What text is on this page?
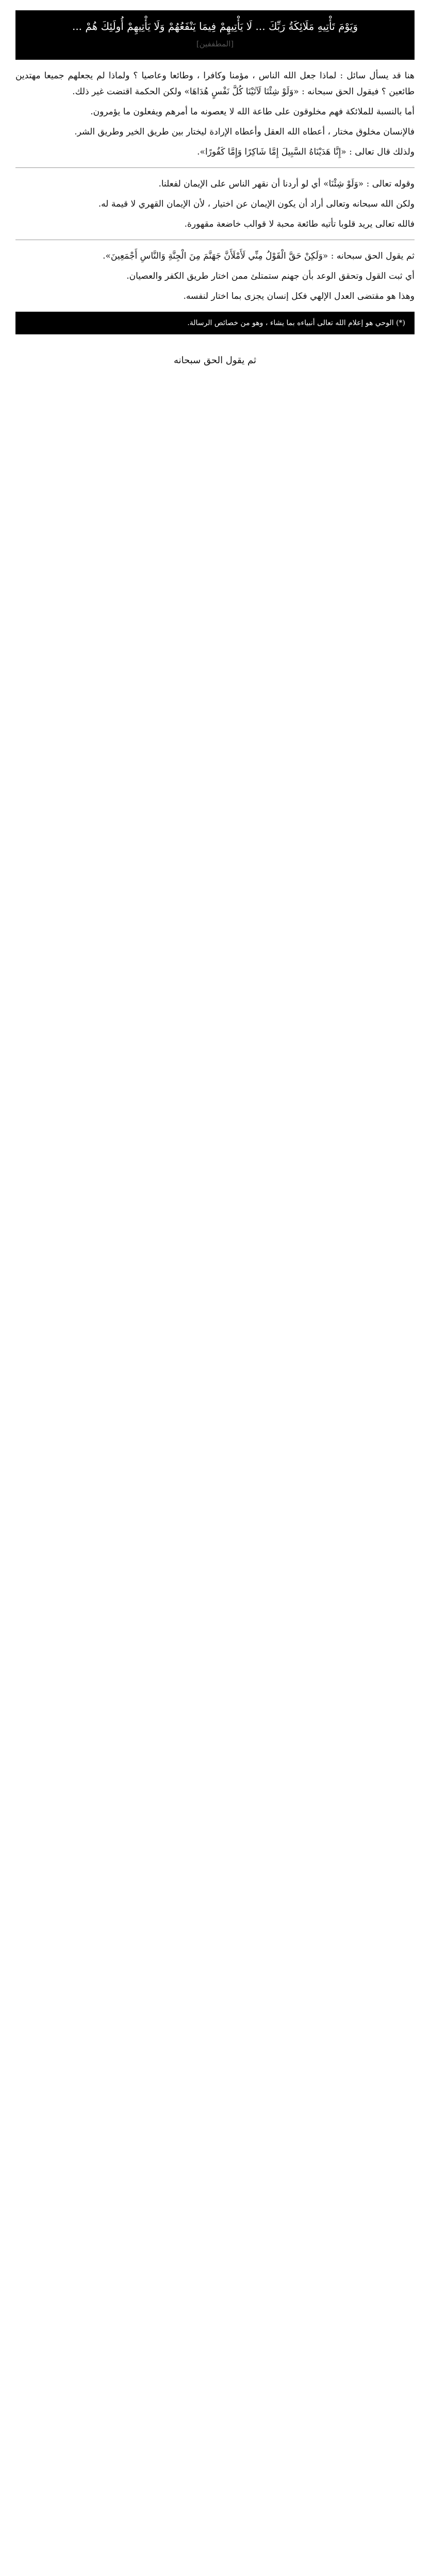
وَيَوْمَ تَأْتِيهِ مَلَائِكَةُ رَبِّكَ ... لَا يَأْتِيهِمْ فِيمَا يَنْفَعُهُمْ وَلَا يَأْتِيهِمْ أُولَئِكَ هُمْ ...
[المطففين]

هنا قد يسأل سائل : لماذا جعل الله الناس ، مؤمنا وكافرا ، وطائعا وعاصيا ؟ ولماذا لم يجعلهم جميعا مهتدين طائعين ؟ فيقول الحق سبحانه : «وَلَوْ شِئْنَا لَآتَيْنَا كُلَّ نَفْسٍ هُدَاهَا» ولكن الحكمة اقتضت غير ذلك.

أما بالنسبة للملائكة فهم مخلوقون على طاعة الله لا يعصونه ما أمرهم ويفعلون ما يؤمرون.

فالإنسان مخلوق مختار ، أعطاه الله العقل وأعطاه الإرادة ليختار بين طريق الخير وطريق الشر.

ولذلك قال تعالى : «إِنَّا هَدَيْنَاهُ السَّبِيلَ إِمَّا شَاكِرًا وَإِمَّا كَفُورًا».

وقوله تعالى : «وَلَوْ شِئْنَا» أي لو أردنا أن نقهر الناس على الإيمان لفعلنا.

ولكن الله سبحانه وتعالى أراد أن يكون الإيمان عن اختيار ، لأن الإيمان القهري لا قيمة له.

فالله تعالى يريد قلوبا تأتيه طائعة محبة لا قوالب خاضعة مقهورة.

ثم يقول الحق سبحانه : «وَلَكِنْ حَقَّ الْقَوْلُ مِنِّي لَأَمْلَأَنَّ جَهَنَّمَ مِنَ الْجِنَّةِ وَالنَّاسِ أَجْمَعِينَ».

أي ثبت القول وتحقق الوعد بأن جهنم ستمتلئ ممن اختار طريق الكفر والعصيان.

وهذا هو مقتضى العدل الإلهي فكل إنسان يجزى بما اختار لنفسه.

(*) الوحي هو إعلام الله تعالى أنبياءه بما يشاء ، وهو من خصائص الرسالة.
ثم يقول الحق سبحانه
